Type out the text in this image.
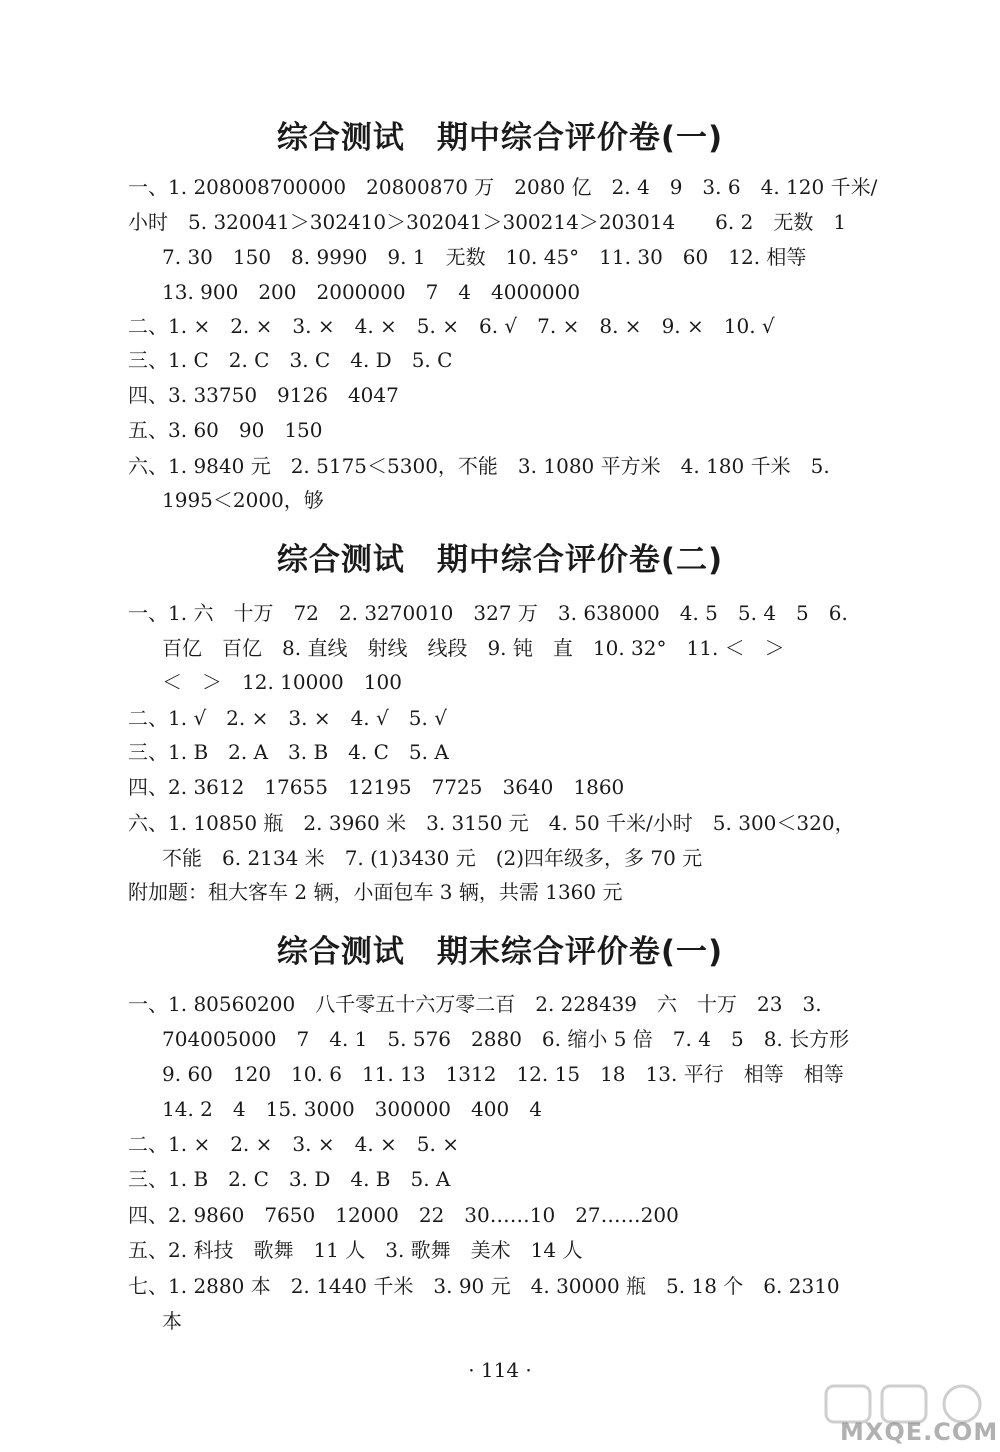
综合测试　期中综合评价卷(一)
一、1. 208008700000　20800870 万　2080 亿　2. 4　9　3. 6　4. 120 千米/
小时　5. 320041＞302410＞302041＞300214＞203014　　6. 2　无数　1
7. 30　150　8. 9990　9. 1　无数　10. 45°　11. 30　60　12. 相等
13. 900　200　2000000　7　4　4000000
二、1. ×　2. ×　3. ×　4. ×　5. ×　6. √　7. ×　8. ×　9. ×　10. √
三、1. C　2. C　3. C　4. D　5. C
四、3. 33750　9126　4047
五、3. 60　90　150
六、1. 9840 元　2. 5175＜5300，不能　3. 1080 平方米　4. 180 千米　5.
1995＜2000，够
综合测试　期中综合评价卷(二)
一、1. 六　十万　72　2. 3270010　327 万　3. 638000　4. 5　5. 4　5　6.
百亿　百亿　8. 直线　射线　线段　9. 钝　直　10. 32°　11. ＜　＞
＜　＞　12. 10000　100
二、1. √　2. ×　3. ×　4. √　5. √
三、1. B　2. A　3. B　4. C　5. A
四、2. 3612　17655　12195　7725　3640　1860
六、1. 10850 瓶　2. 3960 米　3. 3150 元　4. 50 千米/小时　5. 300＜320，
不能　6. 2134 米　7. (1)3430 元　(2)四年级多，多 70 元
附加题：租大客车 2 辆，小面包车 3 辆，共需 1360 元
综合测试　期末综合评价卷(一)
一、1. 80560200　八千零五十六万零二百　2. 228439　六　十万　23　3.
704005000　7　4. 1　5. 576　2880　6. 缩小 5 倍　7. 4　5　8. 长方形
9. 60　120　10. 6　11. 13　1312　12. 15　18　13. 平行　相等　相等
14. 2　4　15. 3000　300000　400　4
二、1. ×　2. ×　3. ×　4. ×　5. ×
三、1. B　2. C　3. D　4. B　5. A
四、2. 9860　7650　12000　22　30……10　27……200
五、2. 科技　歌舞　11 人　3. 歌舞　美术　14 人
七、1. 2880 本　2. 1440 千米　3. 90 元　4. 30000 瓶　5. 18 个　6. 2310
本
· 114 ·
MXQE.COM
